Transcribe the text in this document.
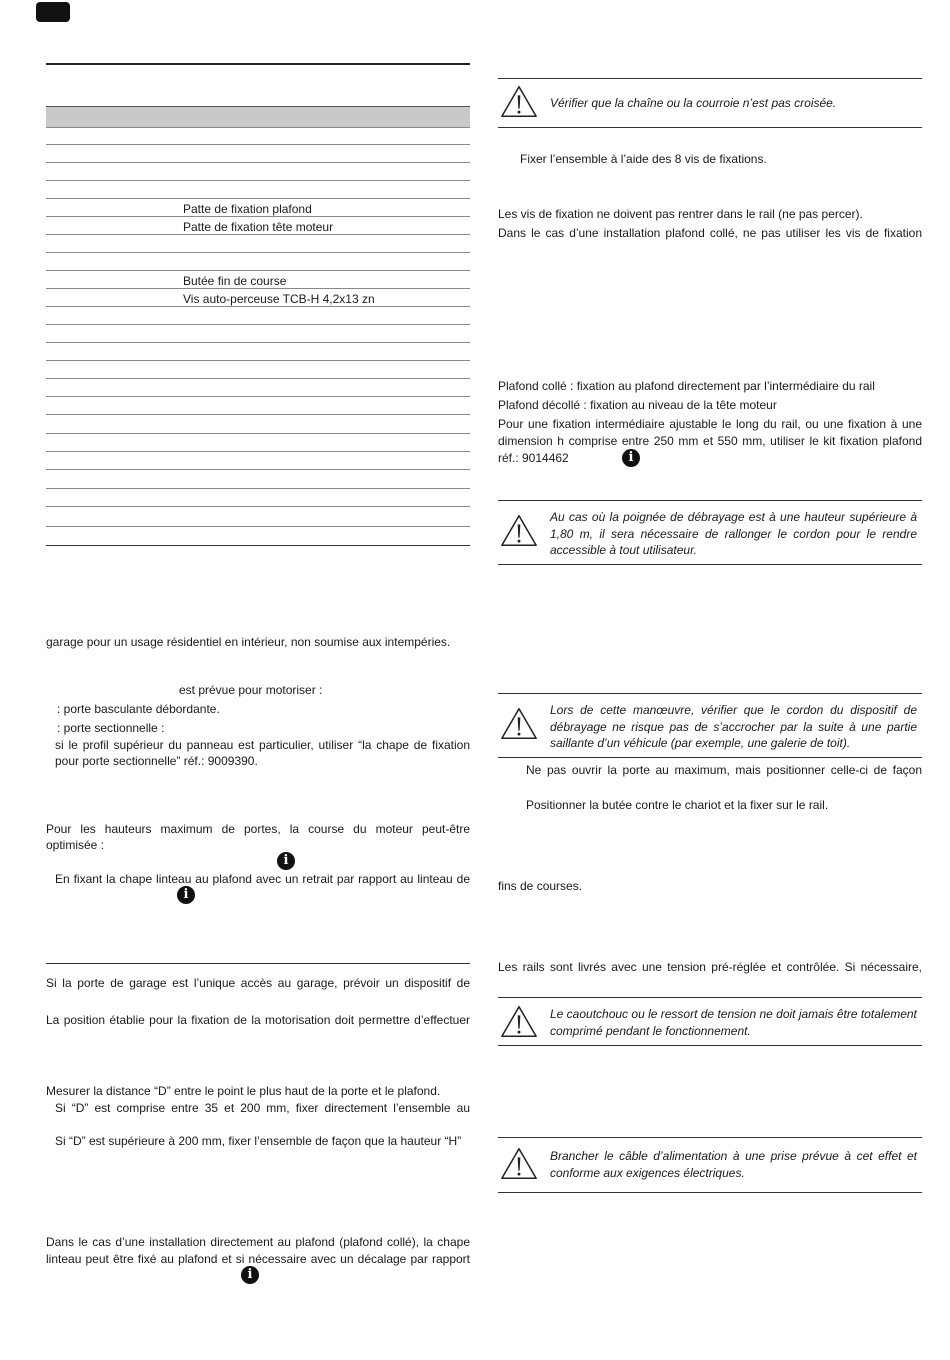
Patte de fixation plafond
Patte de fixation tête moteur
Butée fin de course
Vis auto-perceuse TCB-H 4,2x13 zn
garage pour un usage résidentiel en intérieur, non soumise aux intempéries.
est prévue pour motoriser :
: porte basculante débordante.
: porte sectionnelle :
si le profil supérieur du panneau est particulier, utiliser “la chape de fixation
pour porte sectionnelle” réf.: 9009390.
Pour les hauteurs maximum de portes, la course du moteur peut-être
optimisée :
i
En fixant la chape linteau au plafond avec un retrait par rapport au linteau de
i
Si la porte de garage est l’unique accès au garage, prévoir un dispositif de
La position établie pour la fixation de la motorisation doit permettre d’effectuer
Mesurer la distance “D” entre le point le plus haut de la porte et le plafond.
Si “D” est comprise entre 35 et 200 mm, fixer directement l’ensemble au
Si “D” est supérieure à 200 mm, fixer l’ensemble de façon que la hauteur “H”
Dans le cas d’une installation directement au plafond (plafond collé), la chape
linteau peut être fixé au plafond et si nécessaire avec un décalage par rapport
i
Vérifier que la chaîne ou la courroie n’est pas croisée.
Fixer l’ensemble à l’aide des 8 vis de fixations.
Les vis de fixation ne doivent pas rentrer dans le rail (ne pas percer).
Dans le cas d’une installation plafond collé, ne pas utiliser les vis de fixation
Plafond collé : fixation au plafond directement par l’intermédiaire du rail
Plafond décollé : fixation au niveau de la tête moteur
Pour une fixation intermédiaire ajustable le long du rail, ou une fixation à une
dimension h comprise entre 250 mm et 550 mm, utiliser le kit fixation plafond
réf.: 9014462	i
Au cas où la poignée de débrayage est à une hauteur supérieure à 1,80 m, il sera nécessaire de rallonger le cordon pour le rendre accessible à tout utilisateur.
Lors de cette manœuvre, vérifier que le cordon du dispositif de débrayage ne risque pas de s’accrocher par la suite à une partie saillante d’un véhicule (par exemple, une galerie de toit).
Ne pas ouvrir la porte au maximum, mais positionner celle-ci de façon
Positionner la butée contre le chariot et la fixer sur le rail.
fins de courses.
Les rails sont livrés avec une tension pré-réglée et contrôlée. Si nécessaire,
Le caoutchouc ou le ressort de tension ne doit jamais être totalement comprimé pendant le fonctionnement.
Brancher le câble d’alimentation à une prise prévue à cet effet et conforme aux exigences électriques.
